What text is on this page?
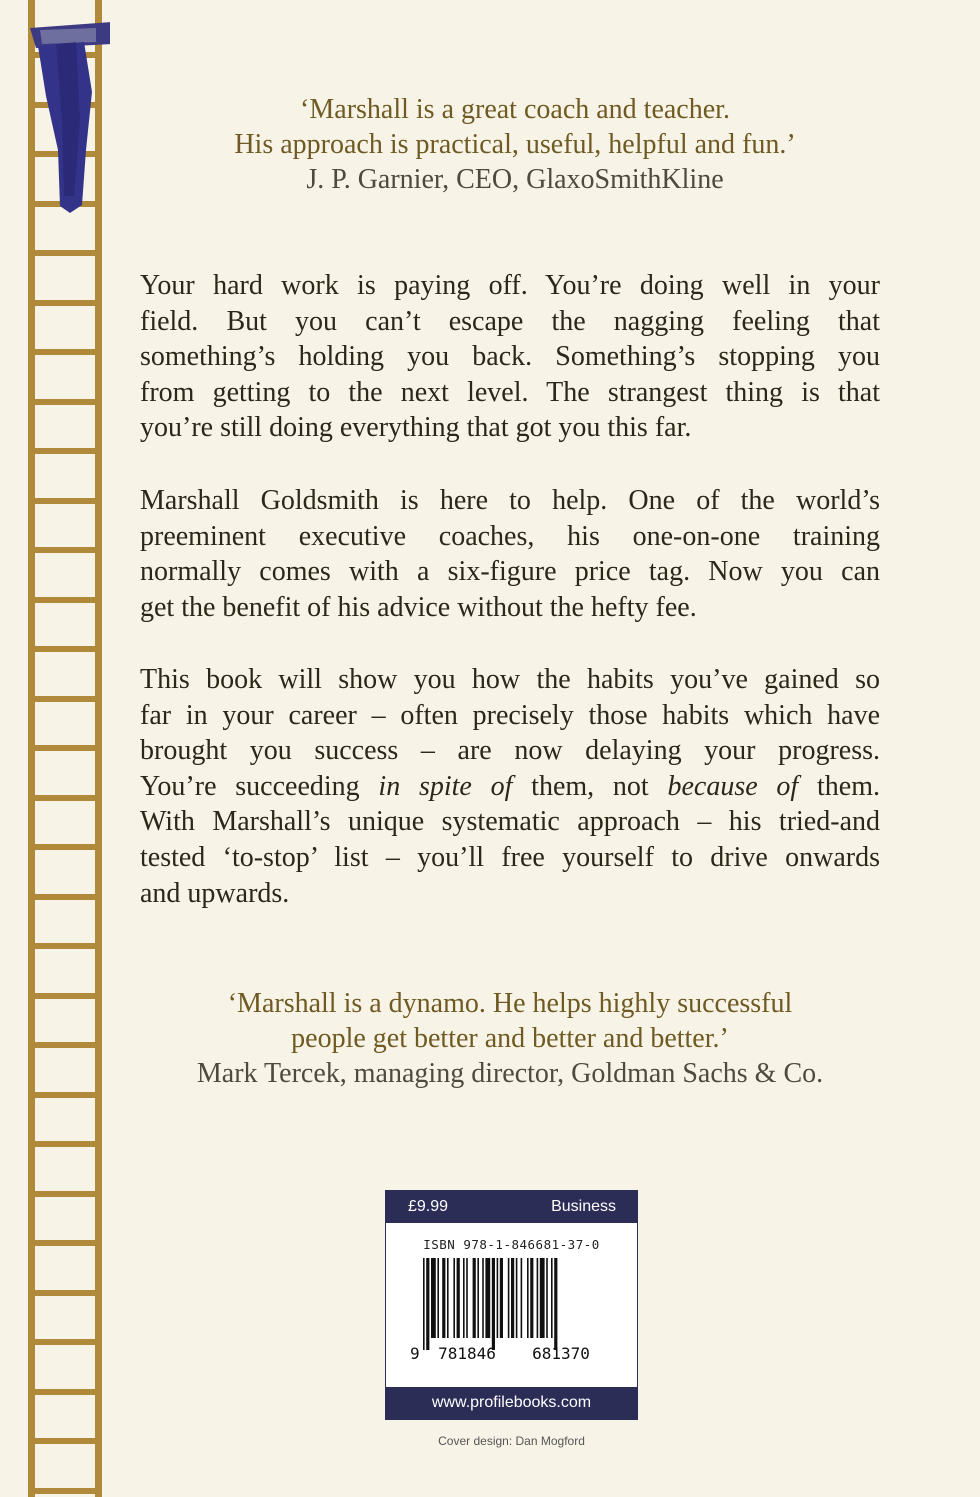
‘Marshall is a great coach and teacher.
His approach is practical, useful, helpful and fun.’
J. P. Garnier, CEO, GlaxoSmithKline
Your hard work is paying off. You’re doing well in your
field. But you can’t escape the nagging feeling that
something’s holding you back. Something’s stopping you
from getting to the next level. The strangest thing is that
you’re still doing everything that got you this far.
Marshall Goldsmith is here to help. One of the world’s
preeminent executive coaches, his one-on-one training
normally comes with a six-figure price tag. Now you can
get the benefit of his advice without the hefty fee.
This book will show you how the habits you’ve gained so
far in your career – often precisely those habits which have
brought you success – are now delaying your progress.
You’re succeeding in spite of them, not because of them.
With Marshall’s unique systematic approach – his tried-and
tested ‘to-stop’ list – you’ll free yourself to drive onwards
and upwards.
‘Marshall is a dynamo. He helps highly successful
people get better and better and better.’
Mark Tercek, managing director, Goldman Sachs & Co.
£9.99	Business
ISBN 978-1-846681-37-0
9 781846 681370
www.profilebooks.com
Cover design: Dan Mogford
